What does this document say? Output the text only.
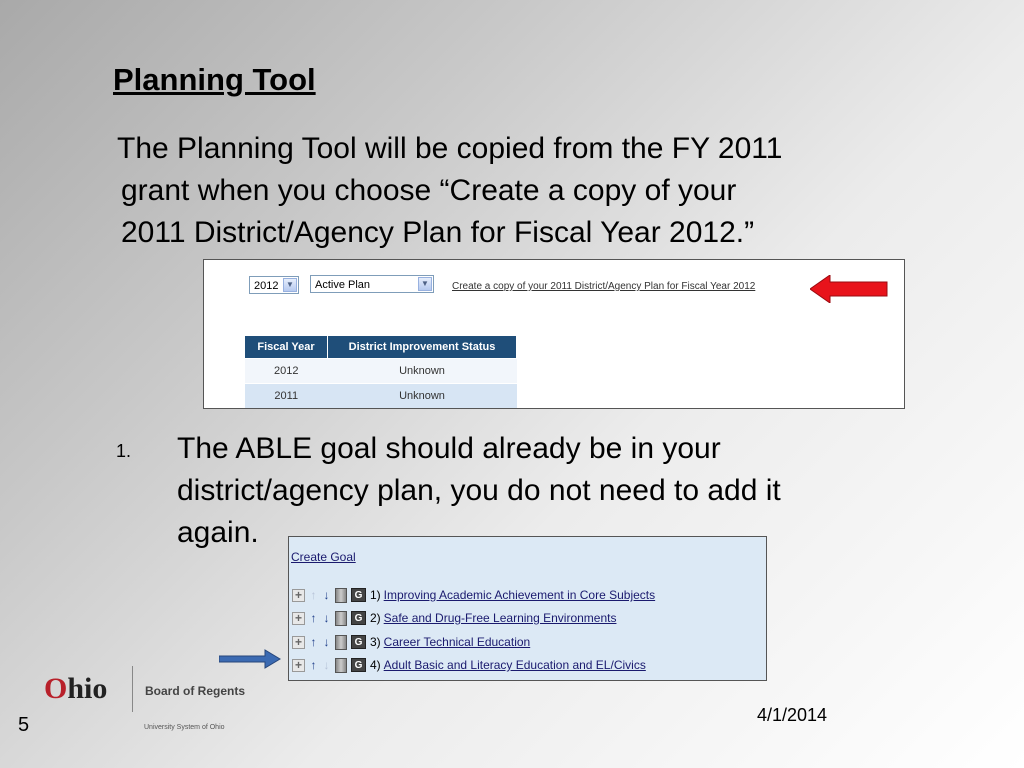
Planning Tool
The Planning Tool will be copied from the FY 2011
grant when you choose “Create a copy of your
2011 District/Agency Plan for Fiscal Year 2012.”
2012 ▼	Active Plan	▼	Create a copy of your 2011 District/Agency Plan for Fiscal Year 2012
Fiscal Year	District Improvement Status
2012	Unknown
2011	Unknown
1. The ABLE goal should already be in your
district/agency plan, you do not need to add it
again.
Create Goal
+ ↑ ↓	G 1) Improving Academic Achievement in Core Subjects
+ ↑ ↓	G 2) Safe and Drug-Free Learning Environments
+ ↑ ↓	G 3) Career Technical Education
+ ↑ ↓	G 4) Adult Basic and Literacy Education and EL/Civics
Ohio	Board of Regents
University System of Ohio
4/1/2014
5
